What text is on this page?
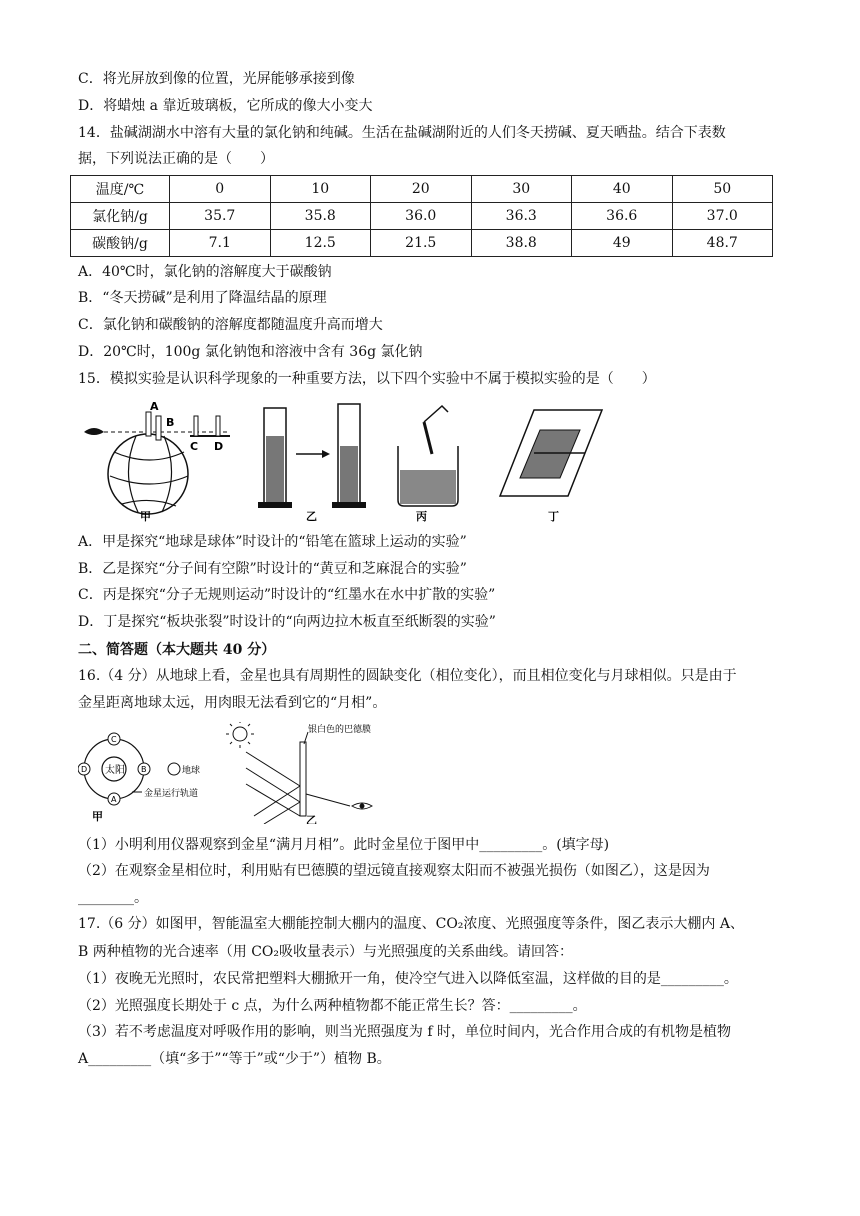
C．将光屏放到像的位置，光屏能够承接到像
D．将蜡烛 a 靠近玻璃板，它所成的像大小变大
14．盐碱湖湖水中溶有大量的氯化钠和纯碱。生活在盐碱湖附近的人们冬天捞碱、夏天晒盐。结合下表数
据，下列说法正确的是（　　）
温度/℃	0	10	20	30	40	50
氯化钠/g	35.7	35.8	36.0	36.3	36.6	37.0
碳酸钠/g	7.1	12.5	21.5	38.8	49	48.7
A．40℃时，氯化钠的溶解度大于碳酸钠
B．“冬天捞碱”是利用了降温结晶的原理
C．氯化钠和碳酸钠的溶解度都随温度升高而增大
D．20℃时，100g 氯化钠饱和溶液中含有 36g 氯化钠
15．模拟实验是认识科学现象的一种重要方法，以下四个实验中不属于模拟实验的是（　　）
A
B
C D
甲	乙	丙	丁
A．甲是探究“地球是球体”时设计的“铅笔在篮球上运动的实验”
B．乙是探究“分子间有空隙”时设计的“黄豆和芝麻混合的实验”
C．丙是探究“分子无规则运动”时设计的“红墨水在水中扩散的实验”
D．丁是探究“板块张裂”时设计的“向两边拉木板直至纸断裂的实验”
二、简答题（本大题共 40 分）
16.（4 分）从地球上看，金星也具有周期性的圆缺变化（相位变化），而且相位变化与月球相似。只是由于
金星距离地球太远，用肉眼无法看到它的“月相”。
太阳
C
B
A
D	地球
金星运行轨道
甲
银白色的巴德膜
乙
（1）小明利用仪器观察到金星“满月月相”。此时金星位于图甲中_________。(填字母)
（2）在观察金星相位时，利用贴有巴德膜的望远镜直接观察太阳而不被强光损伤（如图乙），这是因为
________。
17.（6 分）如图甲，智能温室大棚能控制大棚内的温度、CO₂浓度、光照强度等条件，图乙表示大棚内 A、
B 两种植物的光合速率（用 CO₂吸收量表示）与光照强度的关系曲线。请回答：
（1）夜晚无光照时，农民常把塑料大棚掀开一角，使冷空气进入以降低室温，这样做的目的是_________。
（2）光照强度长期处于 c 点，为什么两种植物都不能正常生长？答：_________。
（3）若不考虑温度对呼吸作用的影响，则当光照强度为 f 时，单位时间内，光合作用合成的有机物是植物
A_________（填“多于”“等于”或“少于”）植物 B。
